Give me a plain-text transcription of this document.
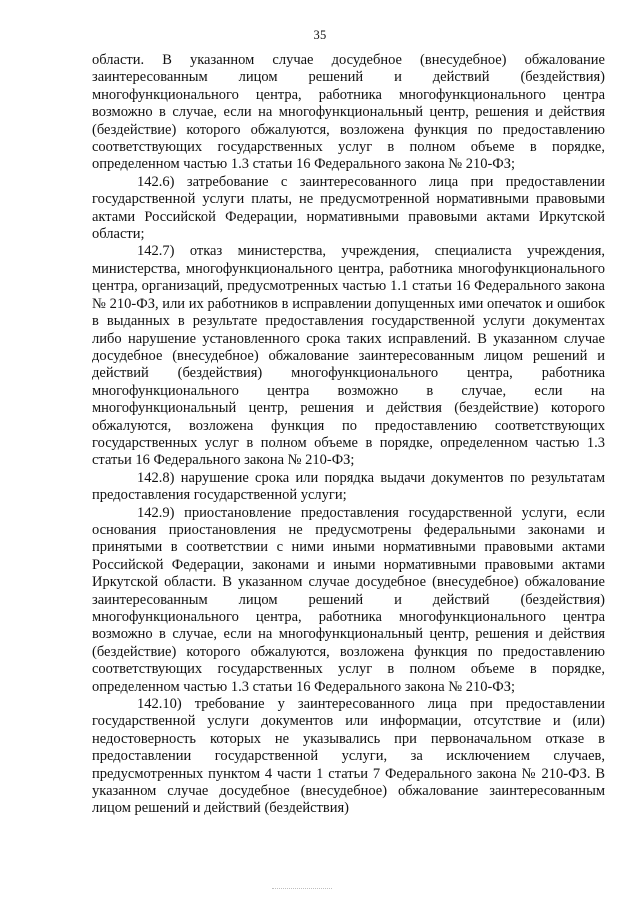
35

области. В указанном случае досудебное (внесудебное) обжалование заинтересованным лицом решений и действий (бездействия) многофункционального центра, работника многофункционального центра возможно в случае, если на многофункциональный центр, решения и действия (бездействие) которого обжалуются, возложена функция по предоставлению соответствующих государственных услуг в полном объеме в порядке, определенном частью 1.3 статьи 16 Федерального закона № 210-ФЗ;

142.6) затребование с заинтересованного лица при предоставлении государственной услуги платы, не предусмотренной нормативными правовыми актами Российской Федерации, нормативными правовыми актами Иркутской области;

142.7) отказ министерства, учреждения, специалиста учреждения, министерства, многофункционального центра, работника многофункционального центра, организаций, предусмотренных частью 1.1 статьи 16 Федерального закона № 210-ФЗ, или их работников в исправлении допущенных ими опечаток и ошибок в выданных в результате предоставления государственной услуги документах либо нарушение установленного срока таких исправлений. В указанном случае досудебное (внесудебное) обжалование заинтересованным лицом решений и действий (бездействия) многофункционального центра, работника многофункционального центра возможно в случае, если на многофункциональный центр, решения и действия (бездействие) которого обжалуются, возложена функция по предоставлению соответствующих государственных услуг в полном объеме в порядке, определенном частью 1.3 статьи 16 Федерального закона № 210-ФЗ;

142.8) нарушение срока или порядка выдачи документов по результатам предоставления государственной услуги;

142.9) приостановление предоставления государственной услуги, если основания приостановления не предусмотрены федеральными законами и принятыми в соответствии с ними иными нормативными правовыми актами Российской Федерации, законами и иными нормативными правовыми актами Иркутской области. В указанном случае досудебное (внесудебное) обжалование заинтересованным лицом решений и действий (бездействия) многофункционального центра, работника многофункционального центра возможно в случае, если на многофункциональный центр, решения и действия (бездействие) которого обжалуются, возложена функция по предоставлению соответствующих государственных услуг в полном объеме в порядке, определенном частью 1.3 статьи 16 Федерального закона № 210-ФЗ;

142.10) требование у заинтересованного лица при предоставлении государственной услуги документов или информации, отсутствие и (или) недостоверность которых не указывались при первоначальном отказе в предоставлении государственной услуги, за исключением случаев, предусмотренных пунктом 4 части 1 статьи 7 Федерального закона № 210-ФЗ. В указанном случае досудебное (внесудебное) обжалование заинтересованным лицом решений и действий (бездействия)
